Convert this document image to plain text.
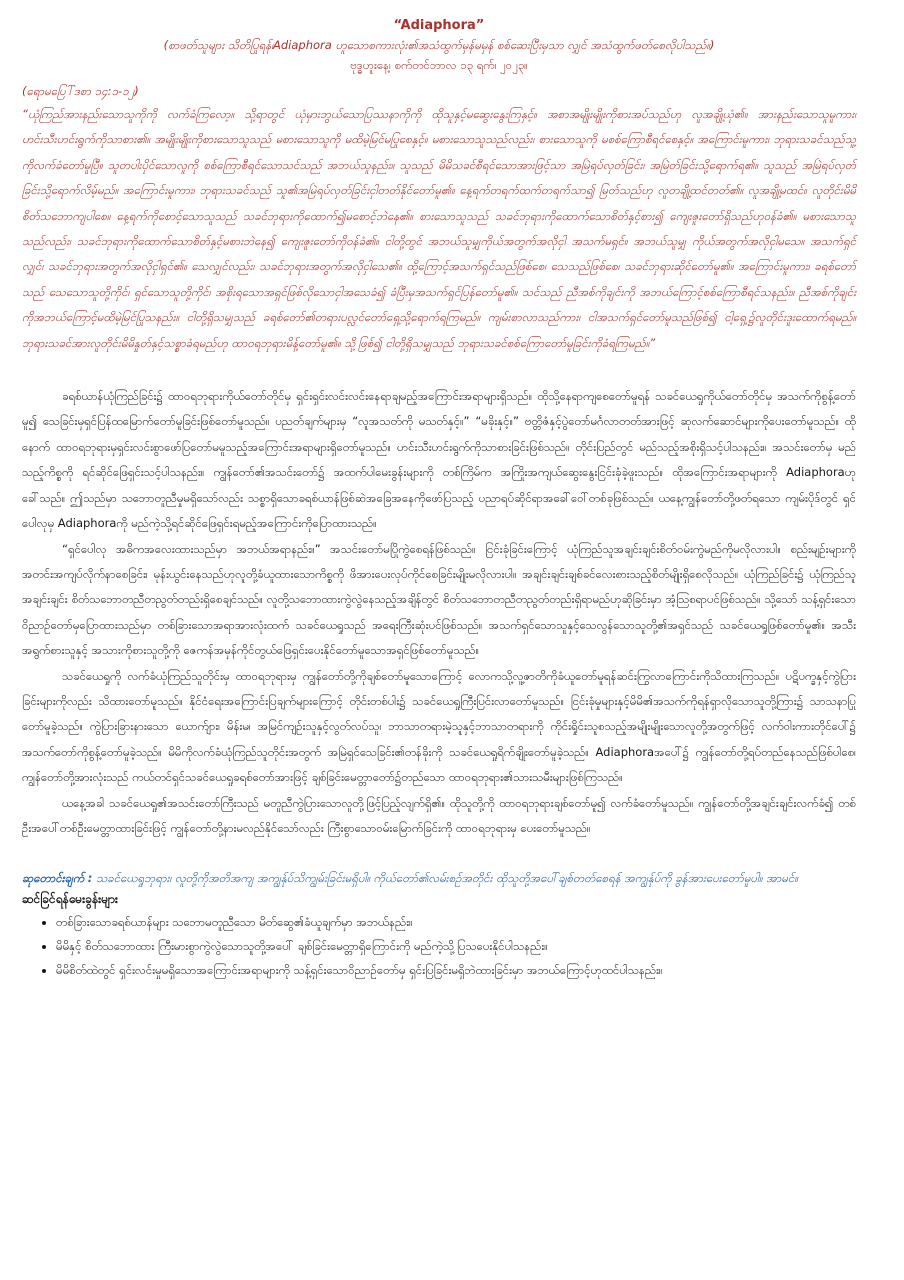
“Adiaphora”
(စာဖတ်သူများ သိတိပြုရန်၊Adiaphora ဟူသောစကားလုံး၏အသံထွက်မှန်မမှန် စစ်ဆေးပြီးမှသာ လျှင် အသံထွက်ဖတ်စေလိုပါသည်။)
ဗုဒ္ဓဟူးနေ့၊ စက်တင်ဘာလ ၁၃ ရက်၊ ၂၀၂၃။
(ရောမပြေါ်ဒစာ ၁၄:၁-၁၂)

“ယုံကြည်အားနည်းသောသူကိုကို လက်ခံကြလော့။ သို့ရာတွင် ယုံမှားဘွယ်သောပြဿနာကိုကို ထိုသူနှင့်မဆွေးနွေးကြနှင့်။ အစာအမျိုးမျိုးကိုစားအပ်သည်ဟု လူအချို့ယုံ၏။ အားနည်းသောသူမူကား၊ ဟင်းသီးဟင်းရွက်ကိုသာစား၏။ အမျိုးမျိုးကိုစားသောသူသည် မစားသောသူကို မထိမဲ့မြင်မပြုစေနှင့်။ မစားသောသူသည်လည်း၊ စားသောသူကို မစစ်ကြောစီရင်စေနှင့်။ အကြောင်းမူကား၊ ဘုရားသခင်သည်သူ့ကိုလက်ခံတော်မူပြီ။ သူတပါးပိုင်သောလူကို စစ်ကြောစီရင်သောသင်သည် အဘယ်သူနည်း။ သူသည် မိမိသခင်စီရင်သောအားဖြင့်သာ အမြဲရပ်လှတ်ခြင်း၊ အမြဲတ်ခြင်းသို့ရောက်ရ၏။ သူသည် အမြဲရပ်လှတ်ခြင်းသို့ရောက်လိမ့်မည်။ အကြောင်းမူကား၊ ဘုရားသခင်သည် သူ၏အမြဲရပ်လှတ်ခြင်းငှါတတ်နိုင်တော်မူ၏။ နေ့ရက်တရက်ထက်တရက်သာ၍ မြတ်သည်ဟု လူတချို့ထင်တတ်၏။ လူအချို့မထင်။ လူတိုင်းမိမိစိတ်သဘောကျပါစေ။ နေ့ရက်ကိုစောင့်သောသူသည် သခင်ဘုရားကိုထောက်၍မစောင့်ဘဲနေ၏။ စားသောသူသည် သခင်ဘုရားကိုထောက်သောစိတ်နှင့်စား၍ ကျေးဇူးတော်ရှိသည်ဟုဝန်ခံ၏။ မစားသောသူသည်လည်း၊ သခင်ဘုရားကိုထောက်သောစိတ်နှင့်မစားဘဲနေ၍ ကျေးဇူးတော်ကိုဝန်ခံ၏။ ငါတို့တွင် အဘယ်သူမျှကိုယ်အတွက်အလိုငှါ အသက်မရှင်။ အဘယ်သူမျှ ကိုယ်အတွက်အလိုငှါမသေ။ အသက်ရှင်လျှင်၊ သခင်ဘုရားအတွက်အလိုငှါရှင်၏။ သေလျှင်လည်း၊ သခင်ဘုရားအတွက်အလိုငှါသေ၏။ ထို့ကြောင့်အသက်ရှင်သည်ဖြစ်စေ၊ သေသည်ဖြစ်စေ၊ သခင်ဘုရားဆိုင်တော်မူ၏။ အကြောင်းမူကား၊ ခရစ်တော်သည် သေသောသူတို့ကိုင်၊ ရှင်သောသူတို့ကိုင်၊ အစိုးရသောအရှင်ဖြစ်လိုသောငှါအသေခံ၍ ခံပြီးမှအသက်ရှင်ပြန်တော်မူ၏။ သင်သည် ညီအစ်ကိုချင်းကို အဘယ်ကြောင့်စစ်ကြောစီရင်သနည်း။ ညီအစ်ကိုချင်းကိုအဘယ်ကြောင့်မထိမဲ့မြင်ပြုသနည်း။ ငါတို့ရှိသမျှသည် ခရစ်တော်၏တရားပလ္လင်တော်ရှေ့သို့ရောက်ရကြမည်။ ကျမ်းစာလာသည်ကား၊ ငါအသက်ရှင်တော်မူသည်ဖြစ်၍ ငါ့ရှေ့၌လူတိုင်းဒူးထောက်ရမည်။ ဘုရားသခင်အားလူတိုင်းမိမိနှုတ်နှင့်သစ္စာခံရမည်ဟု ထာဝရဘုရားမိန့်တော်မူ၏။ သို့ဖြစ်၍ ငါတို့ရှိသမျှသည် ဘုရားသခင်စစ်ကြောတော်မူခြင်းကိုခံရကြမည်။”

ခရစ်ယာန်ယုံကြည်ခြင်း၌ ထာဝရဘုရားကိုယ်တော်တိုင်မှ ရှင်းရှင်းလင်းလင်းနေရာချမည့်အကြောင်းအရာများရှိသည်။ ထိုသို့နေရာကျစေတော်မူရန် သခင်ယေရှုကိုယ်တော်တိုင်မှ အသက်ကိုစွန့်တော်မူ၍ သေခြင်းမှရှင်ပြန်ထမြောက်တော်မူခြင်းဖြစ်တော်မူသည်။ ပညတ်ချက်များမှ “လူအသတ်ကို မသတ်နှင့်။” “မခိုးနှင့်။” ဗတ္တိဇံနှင့်ပွဲတော်မင်္ဂလာတတ်အားဖြင့် ဆုလက်ဆောင်များကိုပေးတော်မူသည်။ ထိုနောက် ထာဝရဘုရားမှရှင်းလင်းစွာဖော်ပြတော်မမူသည့်အကြောင်းအရာများရှိတော်မူသည်။ ဟင်းသီးဟင်းရွက်ကိုသာစားခြင်းဖြစ်သည်။ တိုင်းပြည်တွင် မည်သည့်အစိုးရှိသင့်ပါသနည်း။ အသင်းတော်မှ မည်သည့်ကိစ္စကို ရင်ဆိုင်ဖြေရှင်းသင့်ပါသနည်း။ ကျွန်တော်၏အသင်းတော်၌ အထက်ပါမေးခွန်းများကို တစ်ကြိမ်က အကြိုးအကျယ်ဆွေးနွေးငြင်းခုံခဲ့ဖူးသည်။ ထိုအကြောင်းအရာများကို Adiaphoraဟုခေါ်သည်။ ဤသည်မှာ သဘောတူညီမှုမရှိသော်လည်း သစ္စာရှိသောခရစ်ယာန်ဖြစ်ဆဲအခြေအနေကိုဖော်ပြသည့် ပညာရပ်ဆိုင်ရာအခေါ်ဝေါ်တစ်ခုဖြစ်သည်။ ယနေ့ကျွန်တော်တို့ဖတ်ရသော ကျမ်းပိုဒ်တွင် ရှင်ပေါလုမှ Adiaphoraကို မည်ကဲ့သို့ရင်ဆိုင်ဖြေရှင်းရမည့်အကြောင်းကိုပြောထားသည်။

“ရှင်ပေါလု အဓိကအလေးထားသည်မှာ အဘယ်အရာနည်း။” အသင်းတော်မပြိုကွဲစေရန်ဖြစ်သည်။ ငြင်းခုံခြင်းကြောင့် ယုံကြည်သူအချင်းချင်းစိတ်ဝမ်းကွဲမည်ကိုမလိုလားပါ။ စည်းမျဉ်းများကိုအတင်းအကျပ်လိုက်နာစေခြင်း၊ မုန်းယွင်းနေသည်ဟုလူတို့ခံယူထားသောကိစ္စကို ဖိအားပေးလုပ်ကိုင်စေခြင်းမျိုးမလိုလားပါ။ အချင်းချင်းချစ်ခင်လေးစားသည့်စိတ်မျိုးရှိစေလိုသည်။ ယုံကြည်ခြင်း၌ ယုံကြည်သူအချင်းချင်း စိတ်သဘောတညီတညွတ်တည်းရှိစေချင်သည်။ လူတို့သဘောထားကွဲလွဲနေသည့်အချိန်တွင် စိတ်သဘောတညီတညွတ်တည်းရှိရာမည်ဟုဆိုခြင်းမှာ အံ့သြစရာပင်ဖြစ်သည်။ သို့သော် သန့်ရှင်းသောဝိညာဉ်တော်မှပြောထားသည်မှာ တစ်ခြားသောအရာအားလုံးထက် သခင်ယေရှုသည် အရေးကြီးဆုံးပင်ဖြစ်သည်။ အသက်ရှင်သောသူနှင့်သေလွန်သောသူတို့၏အရှင်သည် သခင်ယေရှုဖြစ်တော်မူ၏။ အသီးအရွက်စားသူနှင့် အသားကိုစားသူတို့ကို ဇေကန်အမှန်ကိုင်တွယ်ဖြေရှင်းပေးနိုင်တော်မူသောအရှင်ဖြစ်တော်မူသည်။

သခင်ယေရှုကို လက်ခံယုံကြည်သူတိုင်းမှ ထာဝရဘုရားမှ ကျွန်တော်တို့ကိုချစ်တော်မူသောကြောင့် လောကသို့လူ့ဇာတိကိုခံယူတော်မူရန်ဆင်းကြွလာကြောင်းကိုသိထားကြသည်။ ပဋိပက္ခနှင့်ကွဲပြားခြင်းများကိုလည်း သိထားတော်မူသည်။ နိုင်ငံရေးအကြောင်းပြချက်များကြောင့် တိုင်းတစ်ပါး၌ သခင်ယေရှုကြီးပြင်းလာတော်မူသည်။ ငြင်းခုံမှုများနှင့်မိမိ၏အသက်ကိုရန်ရှာလိုသောသူတို့ကြား၌ သာသနာပြုတော်မူခဲ့သည်။ ကွဲပြားခြားနားသော ယောက်ျား၊ မိန်းမ၊ အမြင်ကျဉ်းသူနှင့်လွတ်လပ်သူ၊ ဘာသာတရားမဲ့သူနှင့်ဘာသာတရားကို ကိုင်းရှိုင်းသူစသည့်အမျိုးမျိုးသောလူတို့အတွက်ဖြင့် လက်ဝါးကားတိုင်ပေါ်၌ အသက်တော်ကိုစွန့်တော်မူခဲ့သည်။ မိမိကိုလက်ခံယုံကြည်သူတိုင်းအတွက် အမြဲရှင်သေခြင်း၏တန်ခိုးကို သခင်ယေရှုရိက်ချိုးတော်မူခဲ့သည်။ Adiaphoraအပေါ်၌ ကျွန်တော်တို့ရပ်တည်နေသည်ဖြစ်ပါစေ၊ ကျွန်တော်တို့အားလုံးသည် ကယ်တင်ရှင်သခင်ယေရှုခရစ်တော်အားဖြင့် ချစ်ခြင်းမေတ္တာတော်၌တည်သော ထာဝရဘုရား၏သားသမီးများဖြစ်ကြသည်။

ယနေ့အခါ သခင်ယေရှု၏အသင်းတော်ကြီးသည် မတူညီကွဲပြားသောလူတို့ဖြင့်ပြည့်လျက်ရှိ၏။ ထိုသူတို့ကို ထာဝရဘုရားချစ်တော်မူ၍ လက်ခံတော်မူသည်။ ကျွန်တော်တို့အချင်းချင်းလက်ခံ၍ တစ်ဦးအပေါ်တစ်ဦးမေတ္တာထားခြင်းဖြင့် ကျွန်တော်တို့နားမလည်နိုင်သော်လည်း ကြီးစွာသောဝမ်းမြောက်ခြင်းကို ထာဝရဘုရားမှ ပေးတော်မူသည်။

ဆုတောင်းချက် : သခင်ယေရှုဘုရား၊ လူတို့ကိုအတိအကျ အကျွန်ုပ်သိကျွမ်းခြင်းမရှိပါ။ ကိုယ်တော်၏လမ်းစဉ်အတိုင်း ထိုသူတို့အပေါ်ချစ်တတ်စေရန် အကျွန်ုပ်ကို ခွန်အားပေးတော်မူပါ။ အာမင်။
ဆင်ခြင်ရန်မေးခွန်းများ
• တစ်ခြားသောခရစ်ယာန်များ သဘောမတူညီသော မိတ်ဆွေ၏ခံယူချက်မှာ အဘယ်နည်း။
• မိမိနှင့် စိတ်သဘောထား ကြီးမားစွာကွဲလွဲသောသူတို့အပေါ် ချစ်ခြင်းမေတ္တာရှိကြောင်းကို မည်ကဲ့သို့ပြသပေးနိုင်ပါသနည်း။
• မိမိစိတ်ထဲတွင် ရှင်းလင်းမှုမရှိသောအကြောင်းအရာများကို သန့်ရှင်းသောဝိညာဉ်တော်မှ ရှင်းပြခြင်းမရှိဘဲထားခြင်းမှာ အဘယ်ကြောင့်ဟုထင်ပါသနည်း။
